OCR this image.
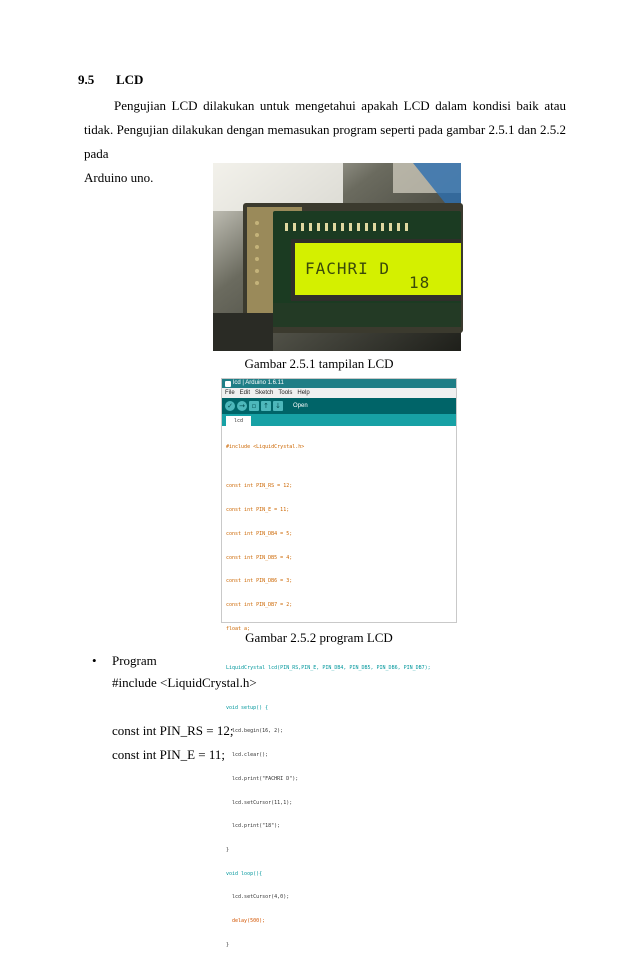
9.5 LCD
Pengujian LCD dilakukan untuk mengetahui apakah LCD dalam kondisi baik atau tidak. Pengujian dilakukan dengan memasukan program seperti pada gambar 2.5.1 dan 2.5.2 pada
Arduino uno.
FACHRI D
18
Gambar 2.5.1 tampilan LCD
lcd | Arduino 1.6.11
File Edit Sketch Tools Help
✓ → ▫ ↑ ↓	Open
lcd

#include <LiquidCrystal.h>

const int PIN_RS = 12;

const int PIN_E = 11;

const int PIN_DB4 = 5;

const int PIN_DB5 = 4;

const int PIN_DB6 = 3;

const int PIN_DB7 = 2;

float a;

LiquidCrystal lcd(PIN_RS,PIN_E, PIN_DB4, PIN_DB5, PIN_DB6, PIN_DB7);

void setup() {

lcd.begin(16, 2);

lcd.clear();

lcd.print("FACHRI D");

lcd.setCursor(11,1);

lcd.print("18");

}

void loop(){

lcd.setCursor(4,0);

delay(500);

}

Gambar 2.5.2 program LCD
• Program
#include <LiquidCrystal.h>
const int PIN_RS = 12;
const int PIN_E = 11;
